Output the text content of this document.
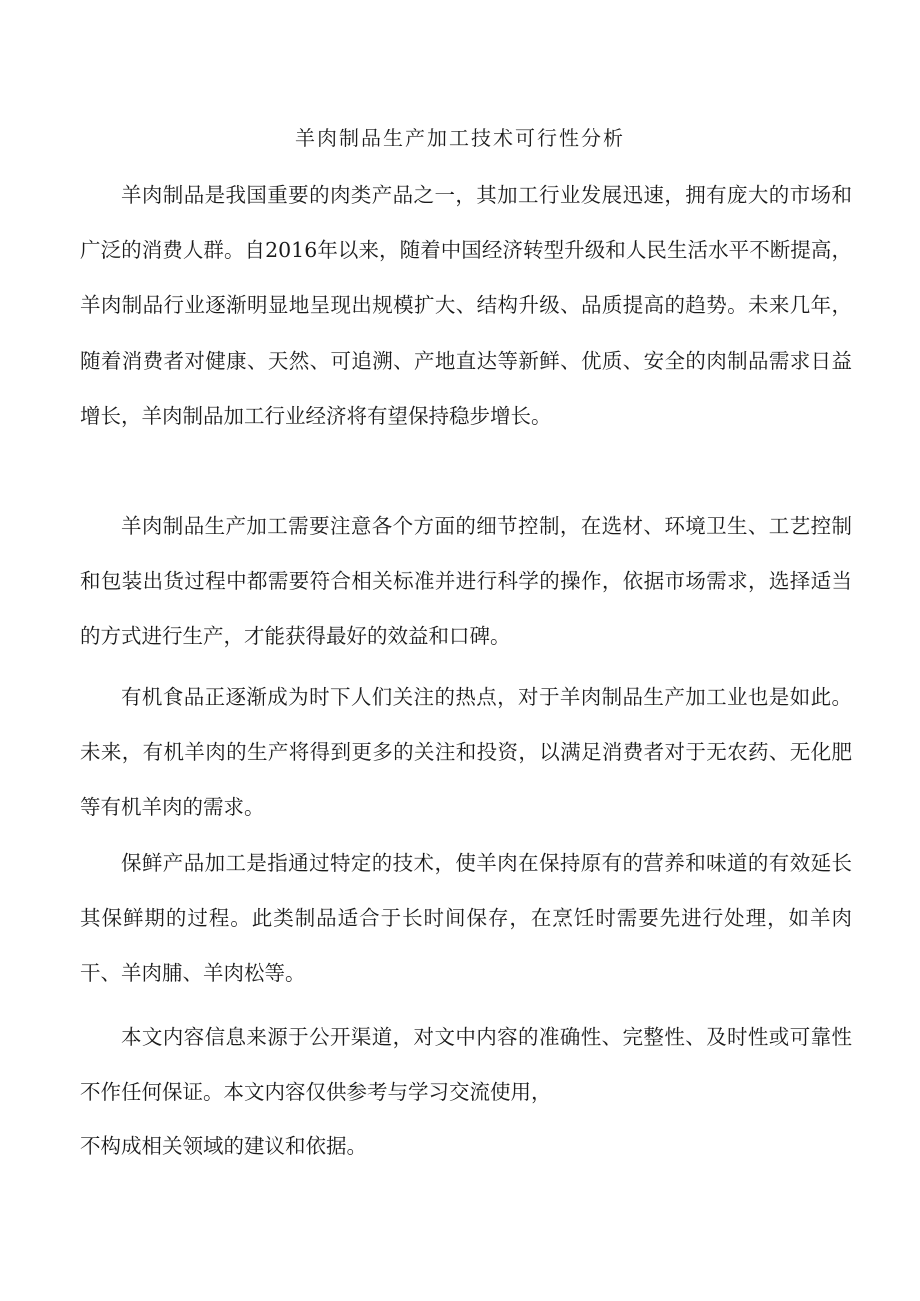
羊肉制品生产加工技术可行性分析

羊肉制品是我国重要的肉类产品之一，其加工行业发展迅速，拥有庞大的市场和广泛的消费人群。自2016年以来，随着中国经济转型升级和人民生活水平不断提高，羊肉制品行业逐渐明显地呈现出规模扩大、结构升级、品质提高的趋势。未来几年，随着消费者对健康、天然、可追溯、产地直达等新鲜、优质、安全的肉制品需求日益增长，羊肉制品加工行业经济将有望保持稳步增长。

羊肉制品生产加工需要注意各个方面的细节控制，在选材、环境卫生、工艺控制和包装出货过程中都需要符合相关标准并进行科学的操作，依据市场需求，选择适当的方式进行生产，才能获得最好的效益和口碑。

有机食品正逐渐成为时下人们关注的热点，对于羊肉制品生产加工业也是如此。未来，有机羊肉的生产将得到更多的关注和投资，以满足消费者对于无农药、无化肥等有机羊肉的需求。

保鲜产品加工是指通过特定的技术，使羊肉在保持原有的营养和味道的有效延长其保鲜期的过程。此类制品适合于长时间保存，在烹饪时需要先进行处理，如羊肉干、羊肉脯、羊肉松等。

本文内容信息来源于公开渠道，对文中内容的准确性、完整性、及时性或可靠性不作任何保证。本文内容仅供参考与学习交流使用，

不构成相关领域的建议和依据。
